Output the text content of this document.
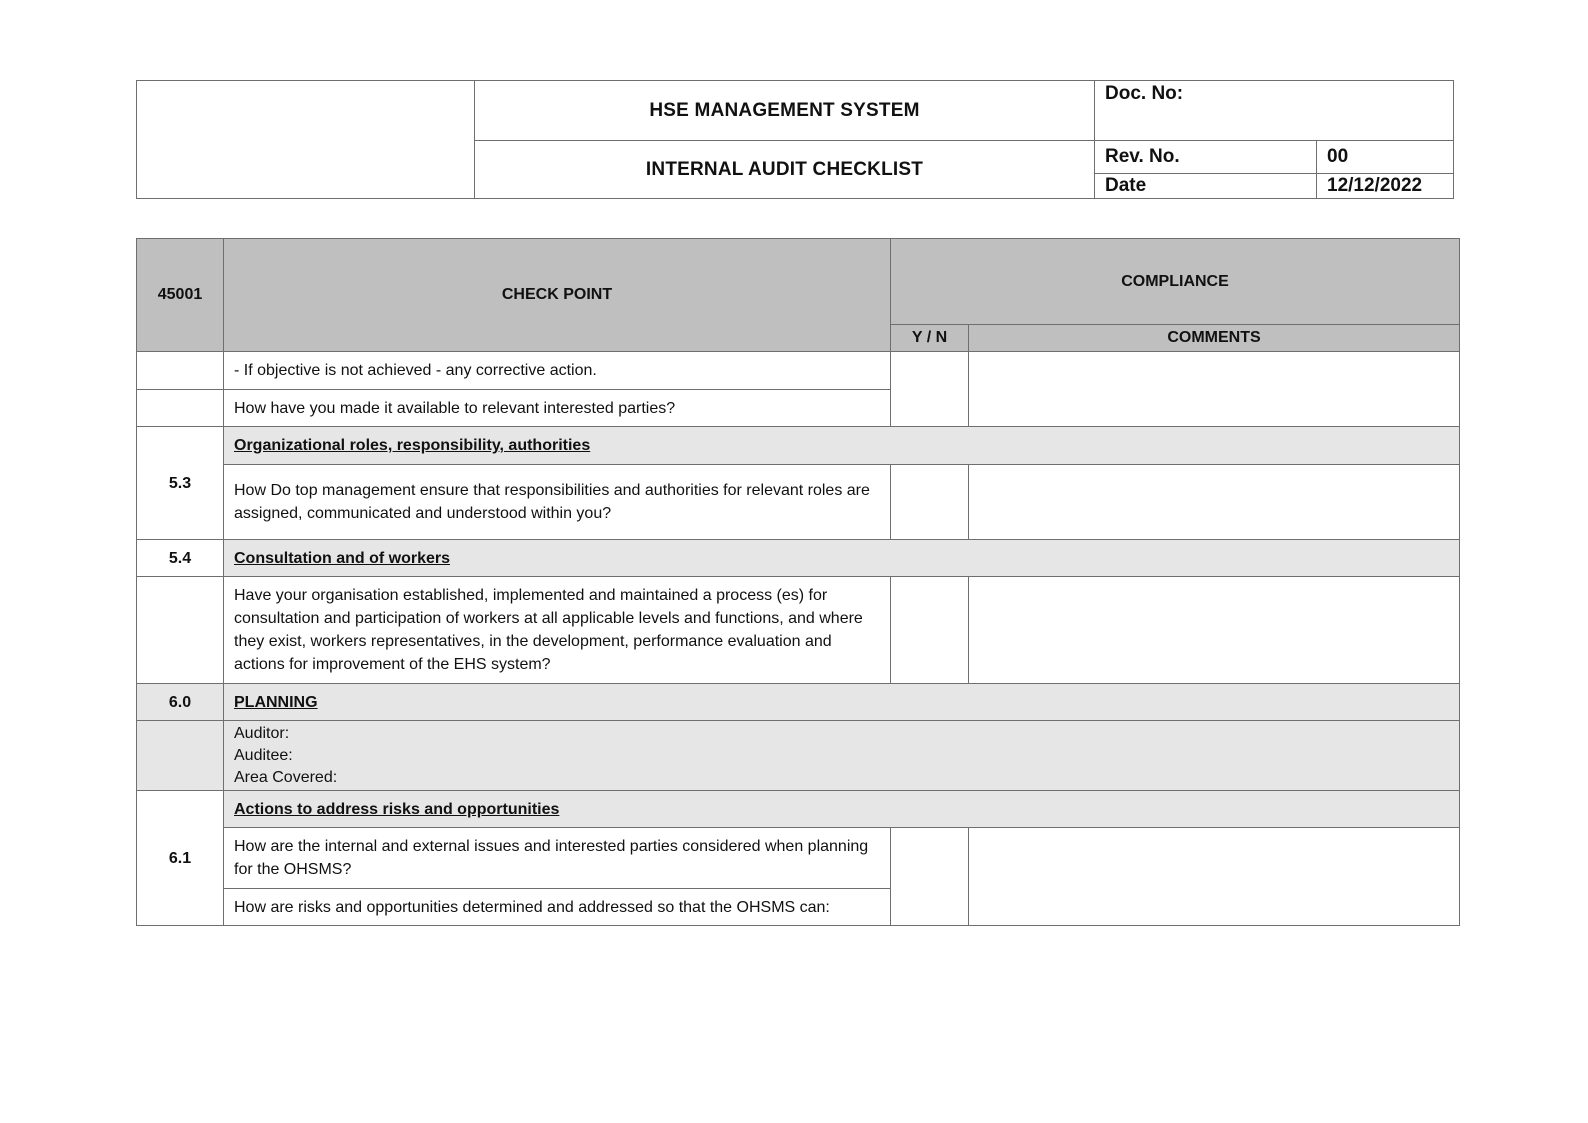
	HSE MANAGEMENT SYSTEM	Doc. No:	
	INTERNAL AUDIT CHECKLIST	Rev. No.	00
		Date	12/12/2022
45001	CHECK POINT	COMPLIANCE	
		Y / N	COMMENTS
	- If objective is not achieved - any corrective action.		
	How have you made it available to relevant interested parties?		
5.3	Organizational roles, responsibility, authorities		
	How Do top management ensure that responsibilities and authorities for relevant roles are assigned, communicated and understood within you?		
5.4	Consultation and of workers		
	Have your organisation established, implemented and maintained a process (es) for consultation and participation of workers at all applicable levels and functions, and where they exist, workers representatives, in the development, performance evaluation and actions for improvement of the EHS system?		
6.0	PLANNING		

	Auditor:
Auditee:
Area Covered:		

6.1	Actions to address risks and opportunities		
	How are the internal and external issues and interested parties considered when planning for the OHSMS?		
	How are risks and opportunities determined and addressed so that the OHSMS can:		
